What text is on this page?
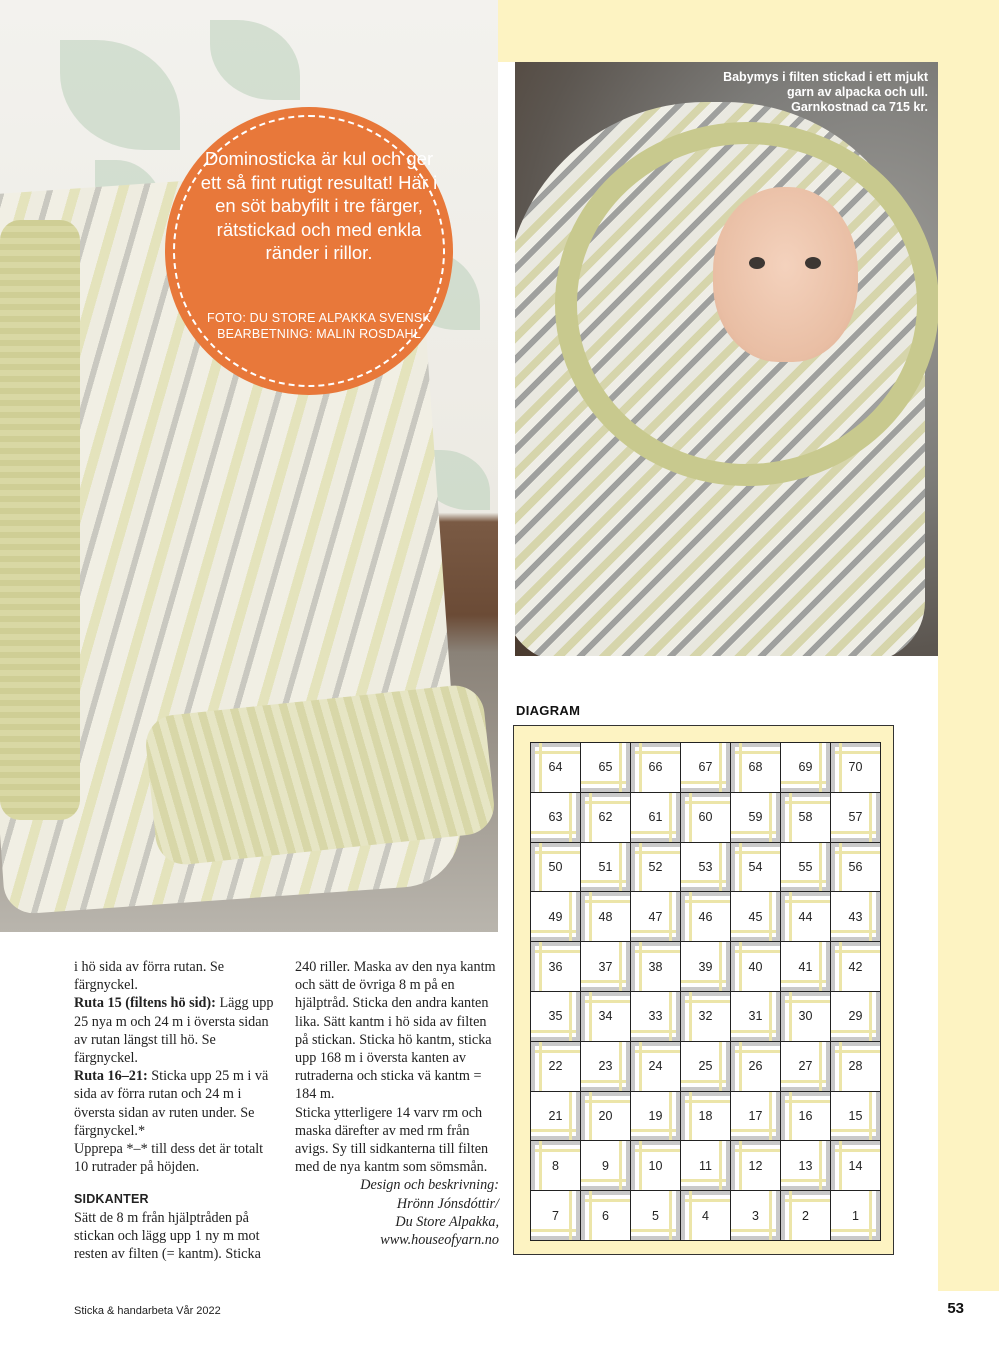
Dominosticka är kul och ger ett så fint rutigt resultat! Här i en söt babyfilt i tre färger, rätstickad och med enkla ränder i rillor.
FOTO: DU STORE ALPAKKA SVENSK BEARBETNING: MALIN ROSDAHL
Babymys i filten stickad i ett mjukt garn av alpacka och ull. Garnkostnad ca 715 kr.
DIAGRAM
64	65	66	67	68	69	70
63	62	61	60	59	58	57
50	51	52	53	54	55	56
49	48	47	46	45	44	43
36	37	38	39	40	41	42
35	34	33	32	31	30	29
22	23	24	25	26	27	28
21	20	19	18	17	16	15
8	9	10	11	12	13	14
7	6	5	4	3	2	1

i hö sida av förra rutan. Se färgnyckel.

Ruta 15 (filtens hö sid): Lägg upp 25 nya m och 24 m i översta sidan av rutan längst till hö. Se färgnyckel.

Ruta 16–21: Sticka upp 25 m i vä sida av förra rutan och 24 m i översta sidan av ruten under. Se färgnyckel.*

Upprepa *–* till dess det är totalt 10 rutrader på höjden.

SIDKANTER

Sätt de 8 m från hjälptråden på stickan och lägg upp 1 ny m mot resten av filten (= kantm). Sticka

240 riller. Maska av den nya kantm och sätt de övriga 8 m på en hjälptråd. Sticka den andra kanten lika. Sätt kantm i hö sida av filten på stickan. Sticka hö kantm, sticka upp 168 m i översta kanten av rutraderna och sticka vä kantm = 184 m.

Sticka ytterligere 14 varv rm och maska därefter av med rm från avigs. Sy till sidkanterna till filten med de nya kantm som sömsmån.

Design och beskrivning:

Hrönn Jónsdóttir/

Du Store Alpakka,

www.houseofyarn.no

Sticka & handarbeta Vår 2022	53
